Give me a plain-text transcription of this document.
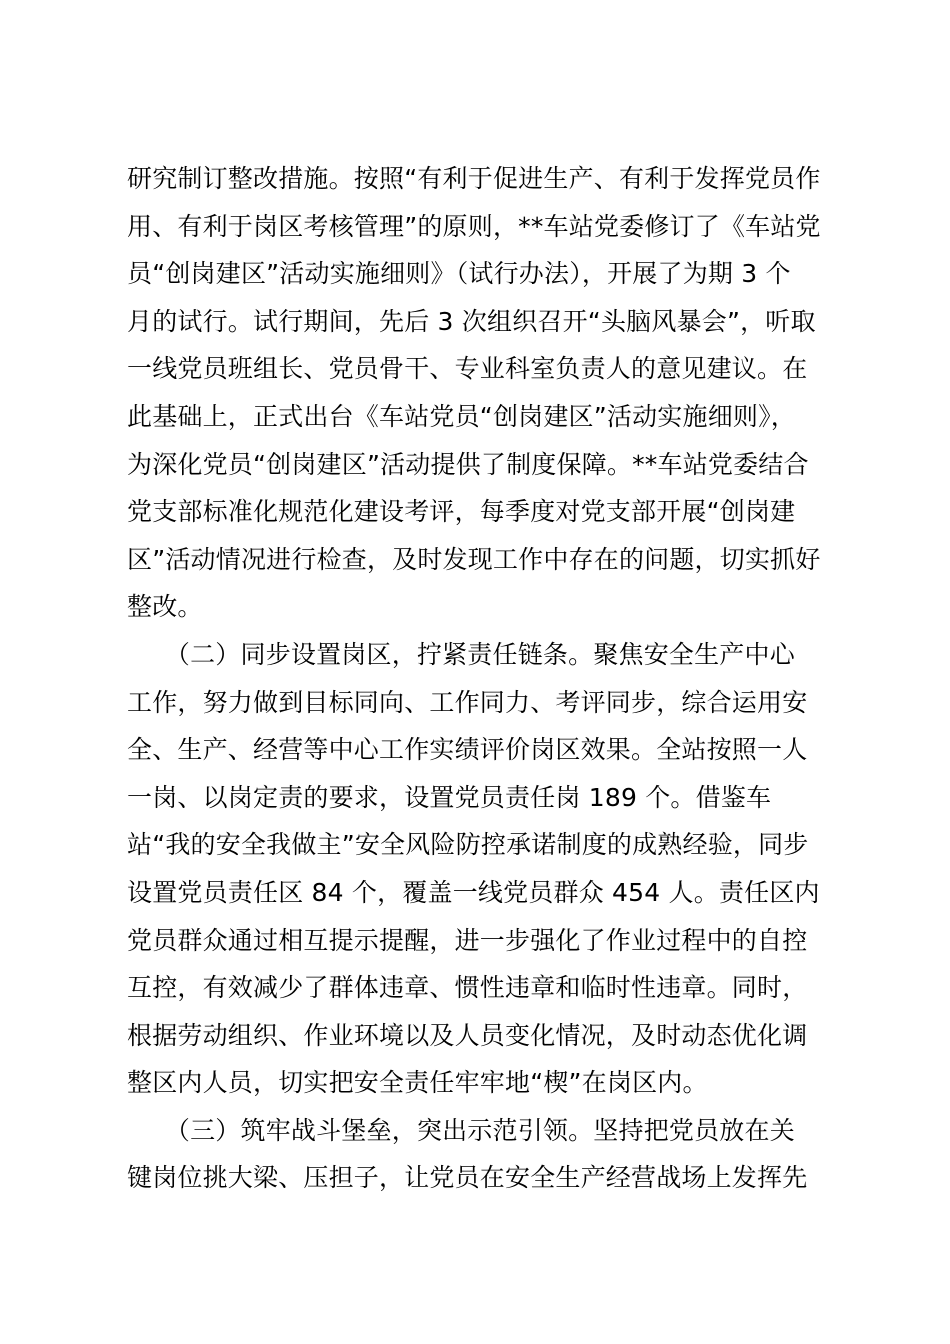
研究制订整改措施。按照“有利于促进生产、有利于发挥党员作
用、有利于岗区考核管理”的原则，**车站党委修订了《车站党
员“创岗建区”活动实施细则》（试行办法），开展了为期 3 个
月的试行。试行期间，先后 3 次组织召开“头脑风暴会”，听取
一线党员班组长、党员骨干、专业科室负责人的意见建议。在
此基础上，正式出台《车站党员“创岗建区”活动实施细则》，
为深化党员“创岗建区”活动提供了制度保障。**车站党委结合
党支部标准化规范化建设考评，每季度对党支部开展“创岗建
区”活动情况进行检查，及时发现工作中存在的问题，切实抓好
整改。
　　（二）同步设置岗区，拧紧责任链条。聚焦安全生产中心
工作，努力做到目标同向、工作同力、考评同步，综合运用安
全、生产、经营等中心工作实绩评价岗区效果。全站按照一人
一岗、以岗定责的要求，设置党员责任岗 189 个。借鉴车
站“我的安全我做主”安全风险防控承诺制度的成熟经验，同步
设置党员责任区 84 个，覆盖一线党员群众 454 人。责任区内
党员群众通过相互提示提醒，进一步强化了作业过程中的自控
互控，有效减少了群体违章、惯性违章和临时性违章。同时，
根据劳动组织、作业环境以及人员变化情况，及时动态优化调
整区内人员，切实把安全责任牢牢地“楔”在岗区内。
　　（三）筑牢战斗堡垒，突出示范引领。坚持把党员放在关
键岗位挑大梁、压担子，让党员在安全生产经营战场上发挥先
